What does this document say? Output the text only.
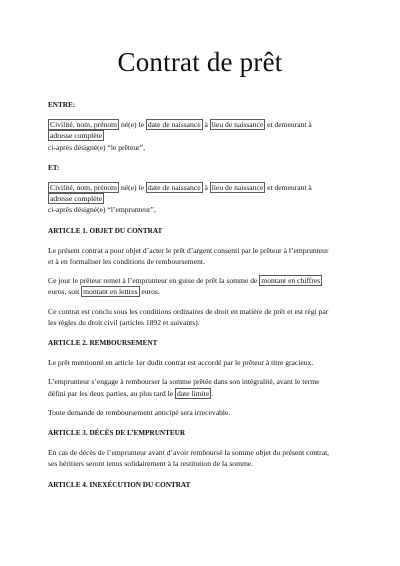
Contrat de prêt

ENTRE:

Civilité, nom, prénom né(e) le date de naissance à lieu de naissance et demeurant à
adresse complète
ci-après désigné(e) “le prêteur”,

ET:

Civilité, nom, prénom né(e) le date de naissance à lieu de naissance et demeurant à
adresse complète
ci-après désigné(e) “l’emprunteur”,

ARTICLE 1. OBJET DU CONTRAT

Le présent contrat a pour objet d’acter le prêt d’argent consenti par le prêteur à l’emprunteur
et à en formaliser les conditions de remboursement.

Ce jour le prêteur remet à l’emprunteur en guise de prêt la somme de montant en chiffres
euros, soit montant en lettres euros.

Ce contrat est conclu sous les conditions ordinaires de droit en matière de prêt et est régi par
les règles du droit civil (articles 1892 et suivants).

ARTICLE 2. REMBOURSEMENT

Le prêt mentionné en article 1er dudit contrat est accordé par le prêteur à titre gracieux.

L’emprunteur s’engage à rembourser la somme prêtée dans son intégralité, avant le terme
défini par les deux parties, au plus tard le date limite .

Toute demande de remboursement anticipé sera irrecevable.

ARTICLE 3. DÉCÈS DE L’EMPRUNTEUR

En cas de décès de l’emprunteur avant d’avoir remboursé la somme objet du présent contrat,
ses héritiers seront tenus solidairement à la restitution de la somme.

ARTICLE 4. INEXÉCUTION DU CONTRAT
